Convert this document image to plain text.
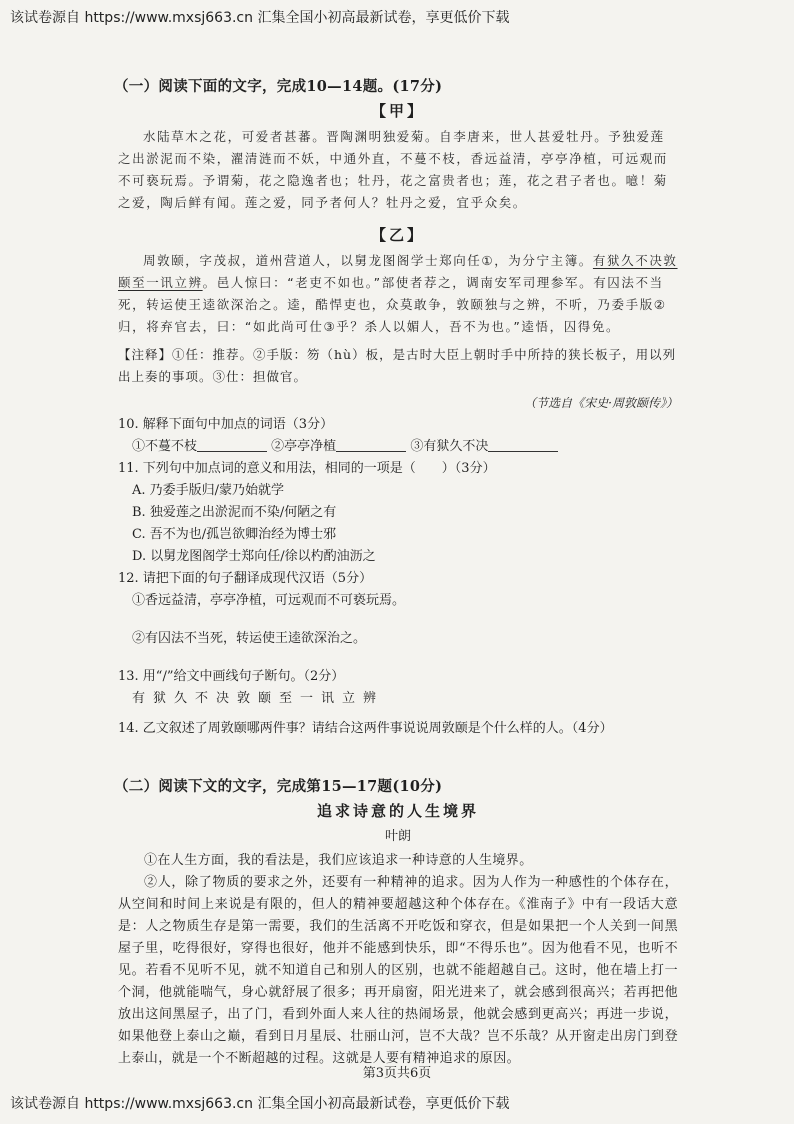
该试卷源自 https://www.mxsj663.cn 汇集全国小初高最新试卷，享更低价下载
（一）阅读下面的文字，完成10—14题。(17分)
【甲】

水陆草木之花，可爱者甚蕃。晋陶渊明独爱菊。自李唐来，世人甚爱牡丹。予独爱莲之出淤泥而不染，濯清涟而不妖，中通外直，不蔓不枝，香远益清，亭亭净植，可远观而不可亵玩焉。予谓菊，花之隐逸者也；牡丹，花之富贵者也；莲，花之君子者也。噫！菊之爱，陶后鲜有闻。莲之爱，同予者何人？牡丹之爱，宜乎众矣。

【乙】

周敦颐，字茂叔，道州营道人，以舅龙图阁学士郑向任①，为分宁主簿。有狱久不决敦颐至一讯立辨。邑人惊曰：“老吏不如也。”部使者荐之，调南安军司理参军。有囚法不当死，转运使王逵欲深治之。逵，酷悍吏也，众莫敢争，敦颐独与之辨，不听，乃委手版②归，将弃官去，曰：“如此尚可仕③乎？杀人以媚人，吾不为也。”逵悟，囚得免。

【注释】①任：推荐。②手版：笏（hù）板，是古时大臣上朝时手中所持的狭长板子，用以列出上奏的事项。③仕：担做官。
（节选自《宋史·周敦颐传》）

10. 解释下面句中加点的词语（3分）

①不蔓不枝	②亭亭净植	③有狱久不决

11. 下列句中加点词的意义和用法，相同的一项是（　　）（3分）

A. 乃委手版归/蒙乃始就学

B. 独爱莲之出淤泥而不染/何陋之有

C. 吾不为也/孤岂欲卿治经为博士邪

D. 以舅龙图阁学士郑向任/徐以杓酌油沥之

12. 请把下面的句子翻译成现代汉语（5分）

①香远益清，亭亭净植，可远观而不可亵玩焉。

②有囚法不当死，转运使王逵欲深治之。

13. 用“/”给文中画线句子断句。（2分）

有狱久不决敦颐至一讯立辨

14. 乙文叙述了周敦颐哪两件事？请结合这两件事说说周敦颐是个什么样的人。（4分）

（二）阅读下文的文字，完成第15—17题(10分)
追求诗意的人生境界

叶朗

①在人生方面，我的看法是，我们应该追求一种诗意的人生境界。

②人，除了物质的要求之外，还要有一种精神的追求。因为人作为一种感性的个体存在，从空间和时间上来说是有限的，但人的精神要超越这种个体存在。《淮南子》中有一段话大意是：人之物质生存是第一需要，我们的生活离不开吃饭和穿衣，但是如果把一个人关到一间黑屋子里，吃得很好，穿得也很好，他并不能感到快乐，即“不得乐也”。因为他看不见，也听不见。若看不见听不见，就不知道自己和别人的区别，也就不能超越自己。这时，他在墙上打一个洞，他就能喘气，身心就舒展了很多；再开扇窗，阳光进来了，就会感到很高兴；若再把他放出这间黑屋子，出了门，看到外面人来人往的热闹场景，他就会感到更高兴；再进一步说，如果他登上泰山之巅，看到日月星辰、壮丽山河，岂不大哉？岂不乐哉？从开窗走出房门到登上泰山，就是一个不断超越的过程。这就是人要有精神追求的原因。

第3页共6页
该试卷源自 https://www.mxsj663.cn 汇集全国小初高最新试卷，享更低价下载
